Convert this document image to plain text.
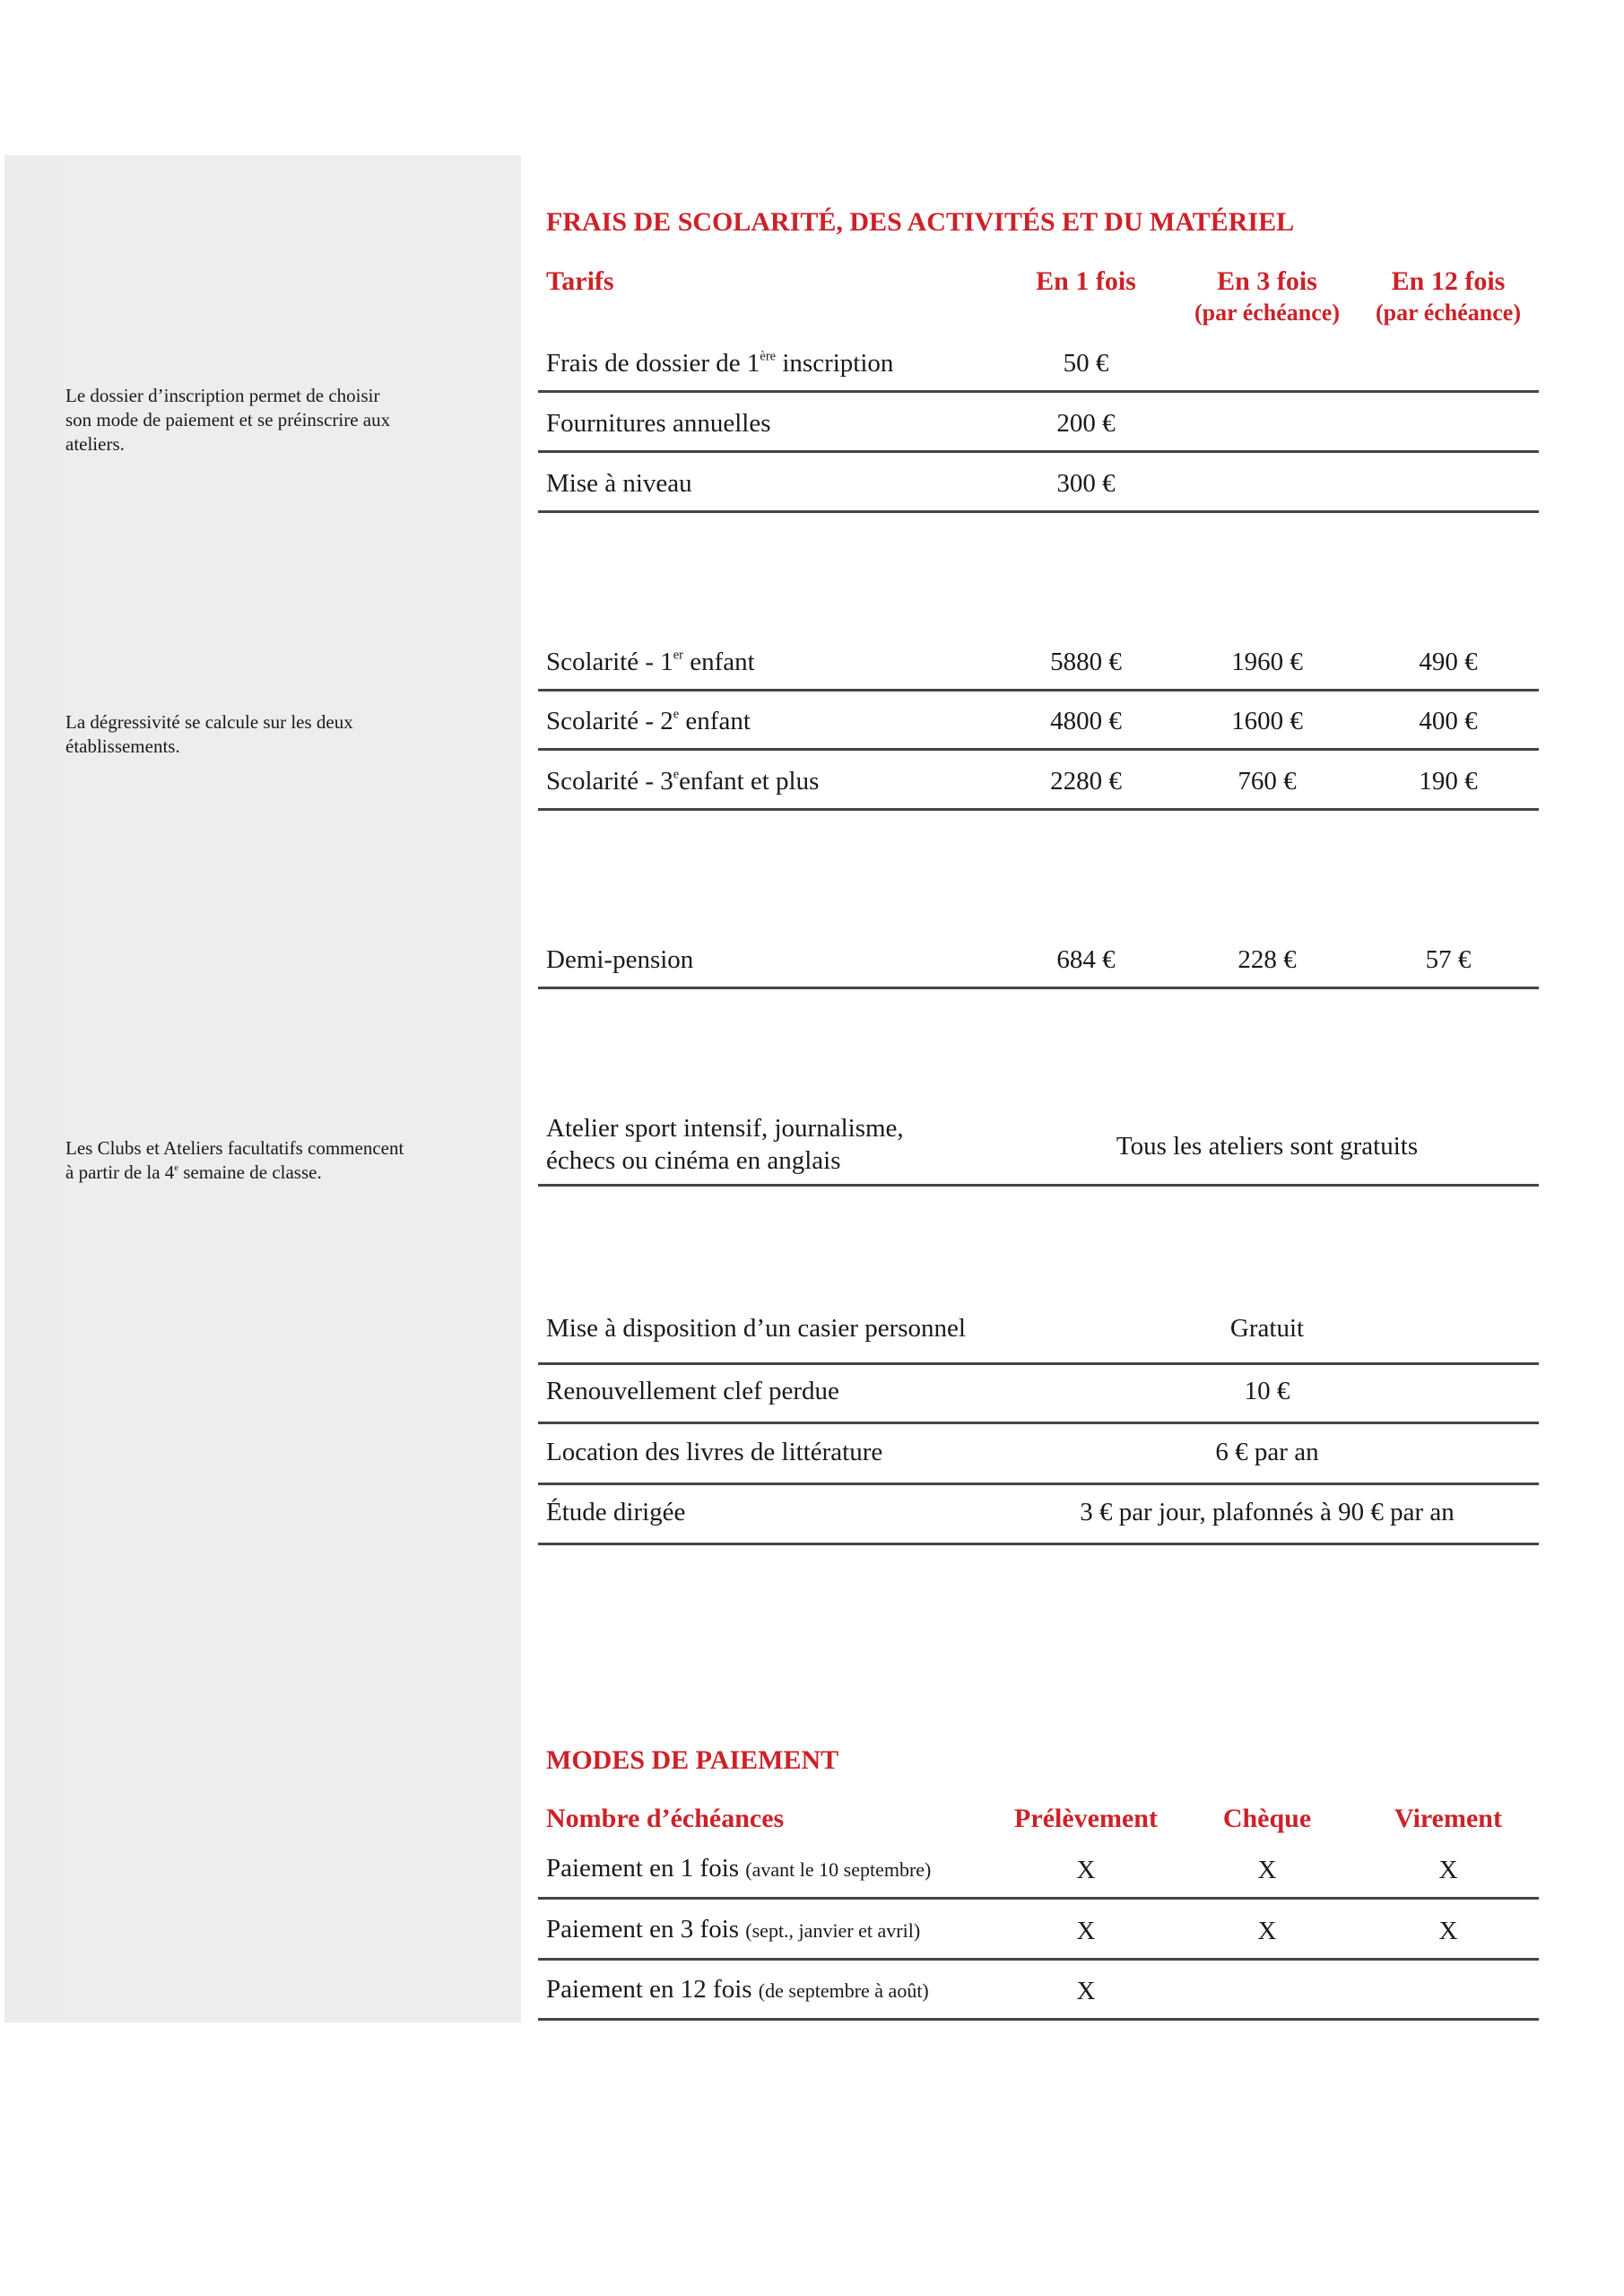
Le dossier d’inscription permet de choisir
son mode de paiement et se préinscrire aux
ateliers.
La dégressivité se calcule sur les deux
établissements.
Les Clubs et Ateliers facultatifs commencent
à partir de la 4e semaine de classe.
FRAIS DE SCOLARITÉ, DES ACTIVITÉS ET DU MATÉRIEL
Tarifs	En 1 fois	En 3 fois	En 12 fois
(par échéance)	(par échéance)
Frais de dossier de 1ère inscription	50 €
Fournitures annuelles	200 €
Mise à niveau	300 €
Scolarité - 1er enfant	5880 €	1960 €	490 €
Scolarité - 2e enfant	4800 €	1600 €	400 €
Scolarité - 3eenfant et plus	2280 €	760 €	190 €
Demi-pension	684 €	228 €	57 €
Atelier sport intensif, journalisme,
échecs ou cinéma en anglais	Tous les ateliers sont gratuits
Mise à disposition d’un casier personnel	Gratuit
Renouvellement clef perdue	10 €
Location des livres de littérature	6 € par an
Étude dirigée	3 € par jour, plafonnés à 90 € par an
MODES DE PAIEMENT
Nombre d’échéances	Prélèvement	Chèque	Virement
Paiement en 1 fois (avant le 10 septembre)	X	X	X
Paiement en 3 fois (sept., janvier et avril)	X	X	X
Paiement en 12 fois (de septembre à août)	X
